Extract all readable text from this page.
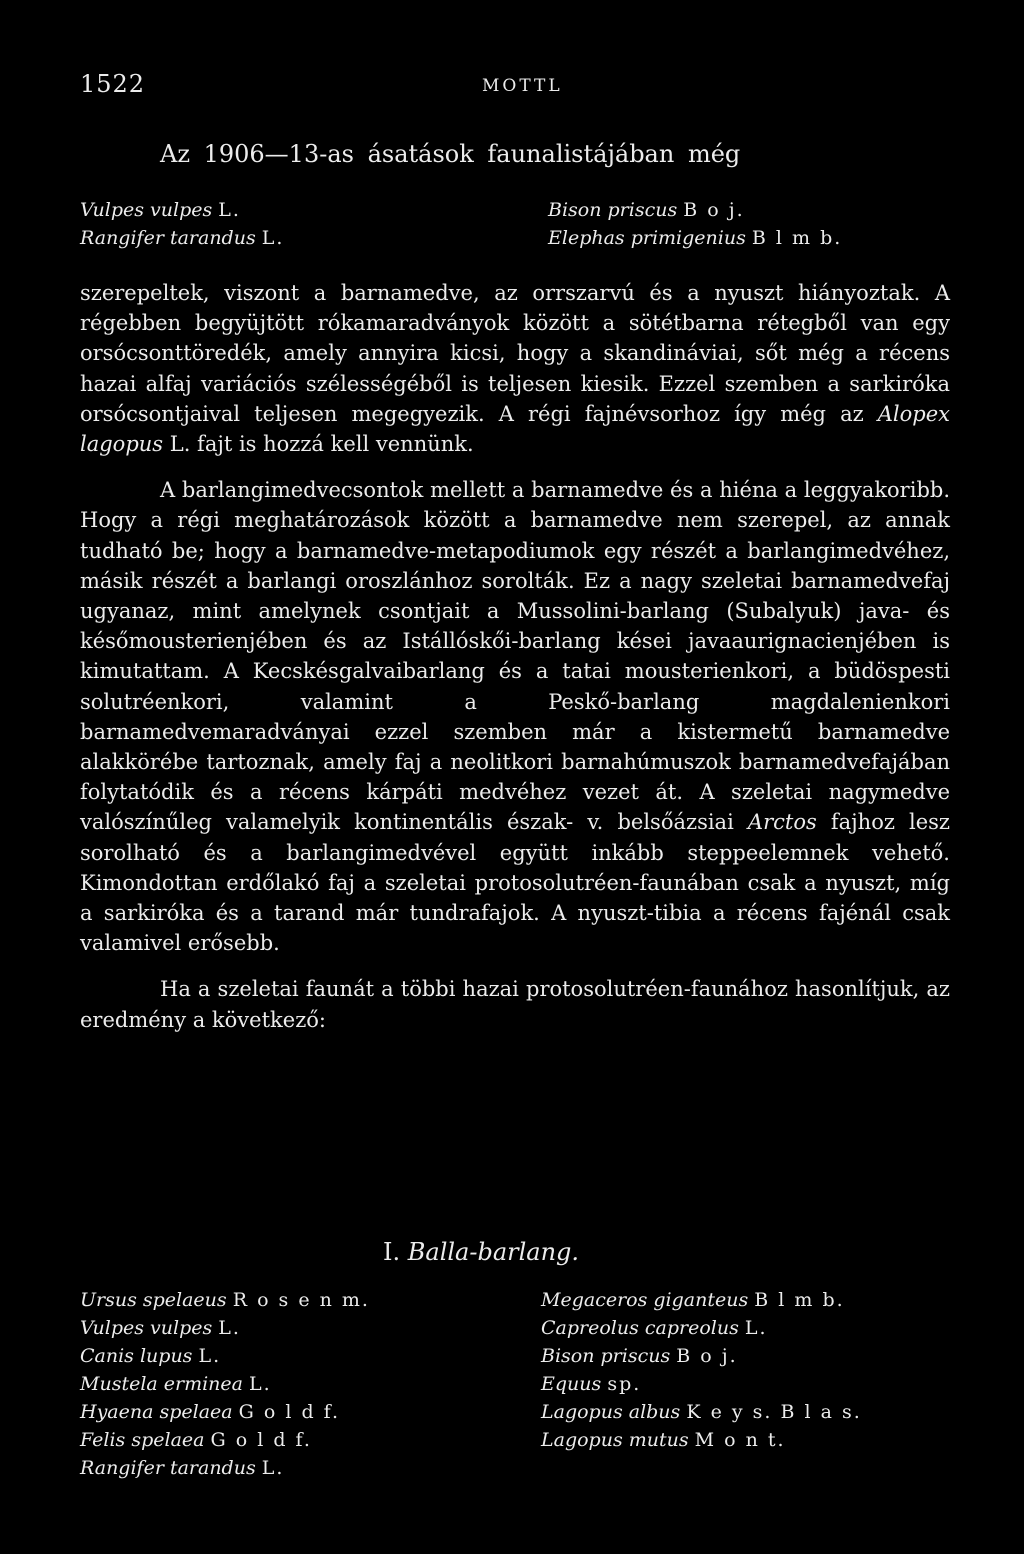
1522	MOTTL
Az 1906—13-as ásatások faunalistájában még
Vulpes vulpes L.
Rangifer tarandus L.
Bison priscus B o j.
Elephas primigenius B l m b.

szerepeltek, viszont a barnamedve, az orrszarvú és a nyuszt hiányoztak. A régebben begyüjtött rókamaradványok között a sötétbarna rétegből van egy orsócsonttöredék, amely annyira kicsi, hogy a skandináviai, sőt még a récens hazai alfaj variációs szélességéből is teljesen kiesik. Ezzel szemben a sarkiróka orsócsontjaival teljesen megegyezik. A régi fajnévsorhoz így még az Alopex lagopus L. fajt is hozzá kell vennünk.

A barlangimedvecsontok mellett a barnamedve és a hiéna a leggyakoribb. Hogy a régi meghatározások között a barnamedve nem szerepel, az annak tudható be; hogy a barnamedve-metapodiumok egy részét a barlangimedvéhez, másik részét a barlangi oroszlánhoz sorolták. Ez a nagy szeletai barnamedvefaj ugyanaz, mint amelynek csontjait a Mussolini-barlang (Subalyuk) java- és későmousterienjében és az Istállóskői-barlang kései javaaurignacienjében is kimutattam. A Kecskésgalvaibarlang és a tatai mousterienkori, a büdöspesti solutréenkori, valamint a Peskő-barlang magdalenienkori barnamedvemaradványai ezzel szemben már a kistermetű barnamedve alakkörébe tartoznak, amely faj a neolitkori barnahúmuszok barnamedvefajában folytatódik és a récens kárpáti medvéhez vezet át. A szeletai nagymedve valószínűleg valamelyik kontinentális észak- v. belsőázsiai Arctos fajhoz lesz sorolható és a barlangimedvével együtt inkább steppeelemnek vehető. Kimondottan erdőlakó faj a szeletai protosolutréen-faunában csak a nyuszt, míg a sarkiróka és a tarand már tundrafajok. A nyuszt-tibia a récens fajénál csak valamivel erősebb.

Ha a szeletai faunát a többi hazai protosolutréen-faunához hasonlítjuk, az eredmény a következő:

I. Balla-barlang.
Ursus spelaeus R o s e n m.
Vulpes vulpes L.
Canis lupus L.
Mustela erminea L.
Hyaena spelaea G o l d f.
Felis spelaea G o l d f.
Rangifer tarandus L.
Megaceros giganteus B l m b.
Capreolus capreolus L.
Bison priscus B o j.
Equus sp.
Lagopus albus K e y s. B l a s.
Lagopus mutus M o n t.
